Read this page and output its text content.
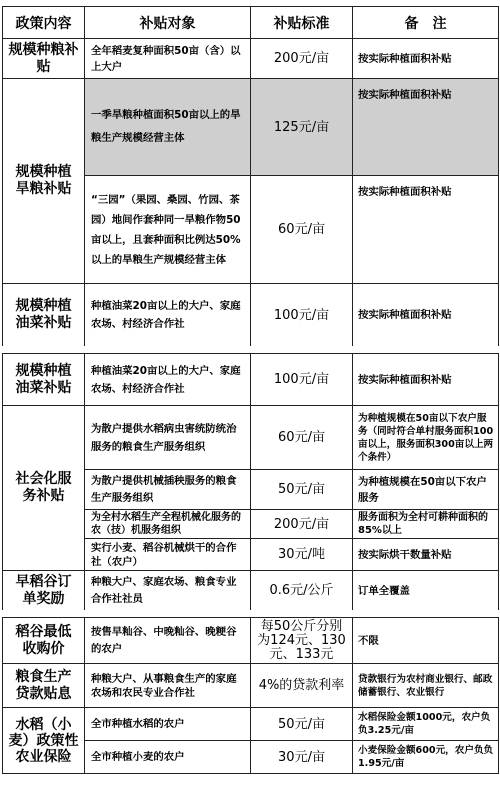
政策内容	补贴对象	补贴标准	备　注
规模种粮补贴	全年稻麦复种面积50亩（含）以上大户	200元/亩	按实际种植面积补贴
规模种植旱粮补贴	一季旱粮种植面积50亩以上的旱粮生产规模经营主体	125元/亩	按实际种植面积补贴
	“三园”（果园、桑园、竹园、茶园）地间作套种同一旱粮作物50亩以上，且套种面积比例达50%以上的旱粮生产规模经营主体	60元/亩	按实际种植面积补贴
规模种植油菜补贴	种植油菜20亩以上的大户、家庭农场、村经济合作社	100元/亩	按实际种植面积补贴
规模种植油菜补贴	种植油菜20亩以上的大户、家庭农场、村经济合作社	100元/亩	按实际种植面积补贴
社会化服务补贴	为散户提供水稻病虫害统防统治服务的粮食生产服务组织	60元/亩	为种植规模在50亩以下农户服务（同时符合单村服务面积100亩以上，服务面积300亩以上两个条件）
	为散户提供机械插秧服务的粮食生产服务组织	50元/亩	为种植规模在50亩以下农户服务
	为全村水稻生产全程机械化服务的农（技）机服务组织	200元/亩	服务面积为全村可耕种面积的85%以上
	实行小麦、稻谷机械烘干的合作社（农户）	30元/吨	按实际烘干数量补贴
早稻谷订单奖励	种粮大户、家庭农场、粮食专业合作社社员	0.6元/公斤	订单全覆盖
稻谷最低收购价	按售早籼谷、中晚籼谷、晚粳谷的农户	每50公斤分别为124元、130元、133元	不限
粮食生产贷款贴息	种粮大户、从事粮食生产的家庭农场和农民专业合作社	4%的贷款利率	贷款银行为农村商业银行、邮政储蓄银行、农业银行
水稻（小麦）政策性农业保险	全市种植水稻的农户	50元/亩	水稻保险金额1000元，农户负负3.25元/亩
	全市种植小麦的农户	30元/亩	小麦保险金额600元，农户负负1.95元/亩
